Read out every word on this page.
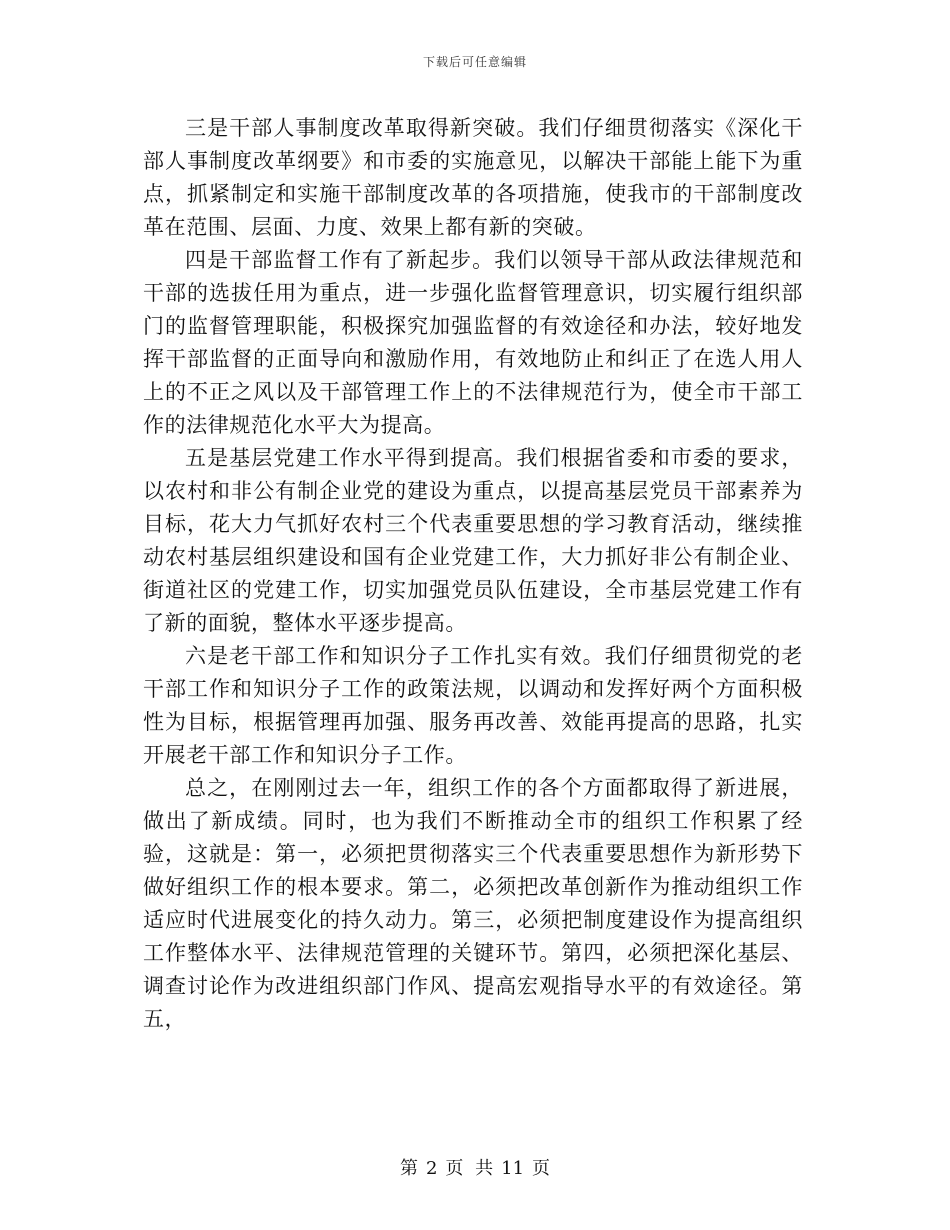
下载后可任意编辑

三是干部人事制度改革取得新突破。我们仔细贯彻落实《深化干部人事制度改革纲要》和市委的实施意见，以解决干部能上能下为重点，抓紧制定和实施干部制度改革的各项措施，使我市的干部制度改革在范围、层面、力度、效果上都有新的突破。

四是干部监督工作有了新起步。我们以领导干部从政法律规范和干部的选拔任用为重点，进一步强化监督管理意识，切实履行组织部门的监督管理职能，积极探究加强监督的有效途径和办法，较好地发挥干部监督的正面导向和激励作用，有效地防止和纠正了在选人用人上的不正之风以及干部管理工作上的不法律规范行为，使全市干部工作的法律规范化水平大为提高。

五是基层党建工作水平得到提高。我们根据省委和市委的要求，以农村和非公有制企业党的建设为重点，以提高基层党员干部素养为目标，花大力气抓好农村三个代表重要思想的学习教育活动，继续推动农村基层组织建设和国有企业党建工作，大力抓好非公有制企业、街道社区的党建工作，切实加强党员队伍建设，全市基层党建工作有了新的面貌，整体水平逐步提高。

六是老干部工作和知识分子工作扎实有效。我们仔细贯彻党的老干部工作和知识分子工作的政策法规，以调动和发挥好两个方面积极性为目标，根据管理再加强、服务再改善、效能再提高的思路，扎实开展老干部工作和知识分子工作。

总之，在刚刚过去一年，组织工作的各个方面都取得了新进展，做出了新成绩。同时，也为我们不断推动全市的组织工作积累了经验，这就是：第一，必须把贯彻落实三个代表重要思想作为新形势下做好组织工作的根本要求。第二，必须把改革创新作为推动组织工作适应时代进展变化的持久动力。第三，必须把制度建设作为提高组织工作整体水平、法律规范管理的关键环节。第四，必须把深化基层、调查讨论作为改进组织部门作风、提高宏观指导水平的有效途径。第五，

第 2 页 共 11 页
